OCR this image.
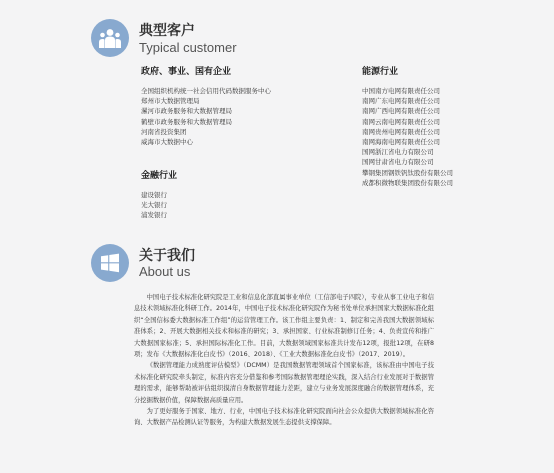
典型客户
Typical customer
政府、事业、国有企业
全国组织机构统一社会信用代码数据服务中心
郑州市大数据管理局
漯河市政务服务和大数据管理局
鹤壁市政务服务和大数据管理局
河南省投资集团
威海市大数据中心
金融行业
建设银行
光大银行
浦发银行
能源行业
中国南方电网有限责任公司
南网广东电网有限责任公司
南网广西电网有限责任公司
南网云南电网有限责任公司
南网贵州电网有限责任公司
南网海南电网有限责任公司
国网浙江省电力有限公司
国网甘肃省电力有限公司
攀钢集团钢铁钒钛股份有限公司
成都积微物联集团股份有限公司
关于我们
About us

中国电子技术标准化研究院是工业和信息化部直属事业单位（工信部电子四院），专业从事工业电子和信息技术领域标准化科研工作。2014年，中国电子技术标准化研究院作为秘书处单位承担国家大数据标准化组织“全国信标委大数据标准工作组”的运营管理工作。该工作组主要负责：1、制定和完善我国大数据领域标准体系；2、开展大数据相关技术和标准的研究；3、承担国家、行业标准制修订任务；4、负责宣传和推广大数据国家标准；5、承担国际标准化工作。目前，大数据领域国家标准共计发布12项，报批12项，在研8项；发布《大数据标准化白皮书》（2016、2018）、《工业大数据标准化白皮书》（2017、2019）。

《数据管理能力成熟度评估模型》（DCMM）是我国数据管理领域首个国家标准，该标准由中国电子技术标准化研究院牵头制定，标准内容充分借鉴和参考国际数据管理理论实践，深入结合行业发展对于数据管理的需求，能够帮助被评估组织摸清自身数据管理能力差距，建立与业务发展深度融合的数据管理体系，充分挖掘数据价值，保障数据高质量应用。

为了更好服务于国家、地方、行业，中国电子技术标准化研究院面向社会公众提供大数据领域标准化咨询、大数据产品检测认证等服务，为构建大数据发展生态提供支撑保障。
